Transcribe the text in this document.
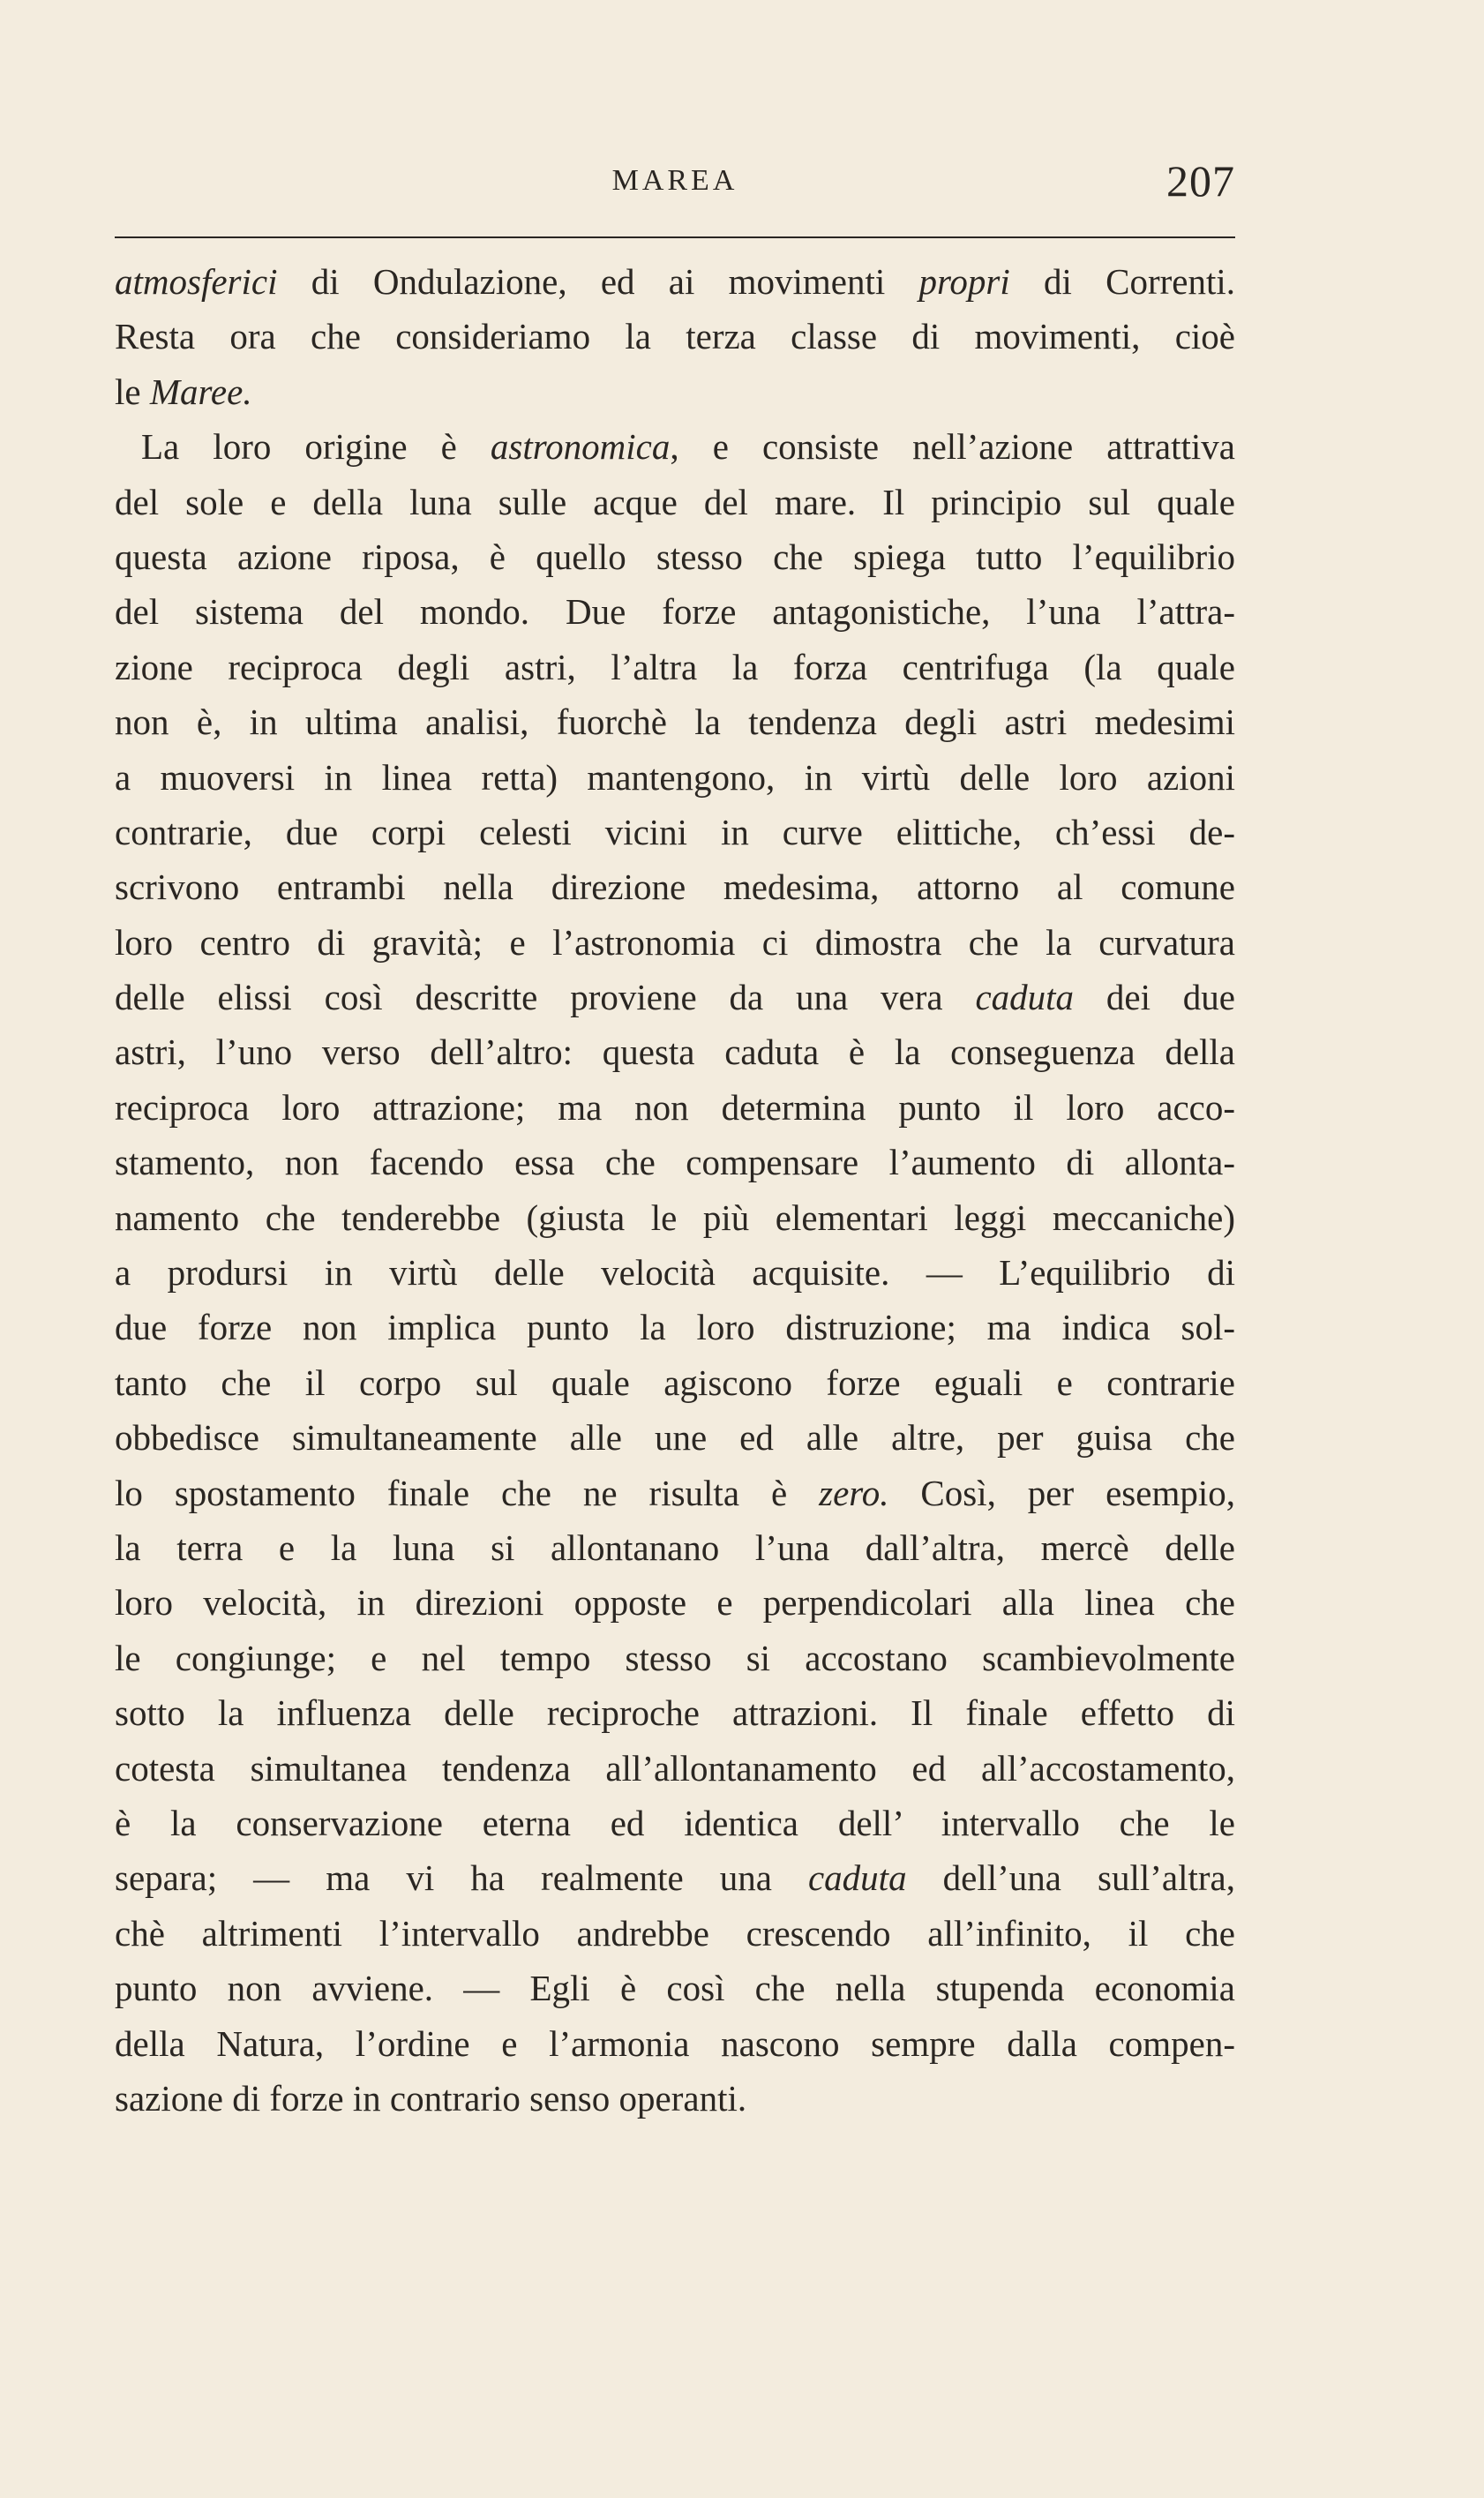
MAREA	207
atmosferici di Ondulazione, ed ai movimenti propri di Correnti.
Resta ora che consideriamo la terza classe di movimenti, cioè
le Maree.
La loro origine è astronomica, e consiste nell’azione attrattiva
del sole e della luna sulle acque del mare. Il principio sul quale
questa azione riposa, è quello stesso che spiega tutto l’equilibrio
del sistema del mondo. Due forze antagonistiche, l’una l’attra-
zione reciproca degli astri, l’altra la forza centrifuga (la quale
non è, in ultima analisi, fuorchè la tendenza degli astri medesimi
a muoversi in linea retta) mantengono, in virtù delle loro azioni
contrarie, due corpi celesti vicini in curve elittiche, ch’essi de-
scrivono entrambi nella direzione medesima, attorno al comune
loro centro di gravità; e l’astronomia ci dimostra che la curvatura
delle elissi così descritte proviene da una vera caduta dei due
astri, l’uno verso dell’altro: questa caduta è la conseguenza della
reciproca loro attrazione; ma non determina punto il loro acco-
stamento, non facendo essa che compensare l’aumento di allonta-
namento che tenderebbe (giusta le più elementari leggi meccaniche)
a prodursi in virtù delle velocità acquisite. — L’equilibrio di
due forze non implica punto la loro distruzione; ma indica sol-
tanto che il corpo sul quale agiscono forze eguali e contrarie
obbedisce simultaneamente alle une ed alle altre, per guisa che
lo spostamento finale che ne risulta è zero. Così, per esempio,
la terra e la luna si allontanano l’una dall’altra, mercè delle
loro velocità, in direzioni opposte e perpendicolari alla linea che
le congiunge; e nel tempo stesso si accostano scambievolmente
sotto la influenza delle reciproche attrazioni. Il finale effetto di
cotesta simultanea tendenza all’allontanamento ed all’accostamento,
è la conservazione eterna ed identica dell’ intervallo che le
separa; — ma vi ha realmente una caduta dell’una sull’altra,
chè altrimenti l’intervallo andrebbe crescendo all’infinito, il che
punto non avviene. — Egli è così che nella stupenda economia
della Natura, l’ordine e l’armonia nascono sempre dalla compen-
sazione di forze in contrario senso operanti.
